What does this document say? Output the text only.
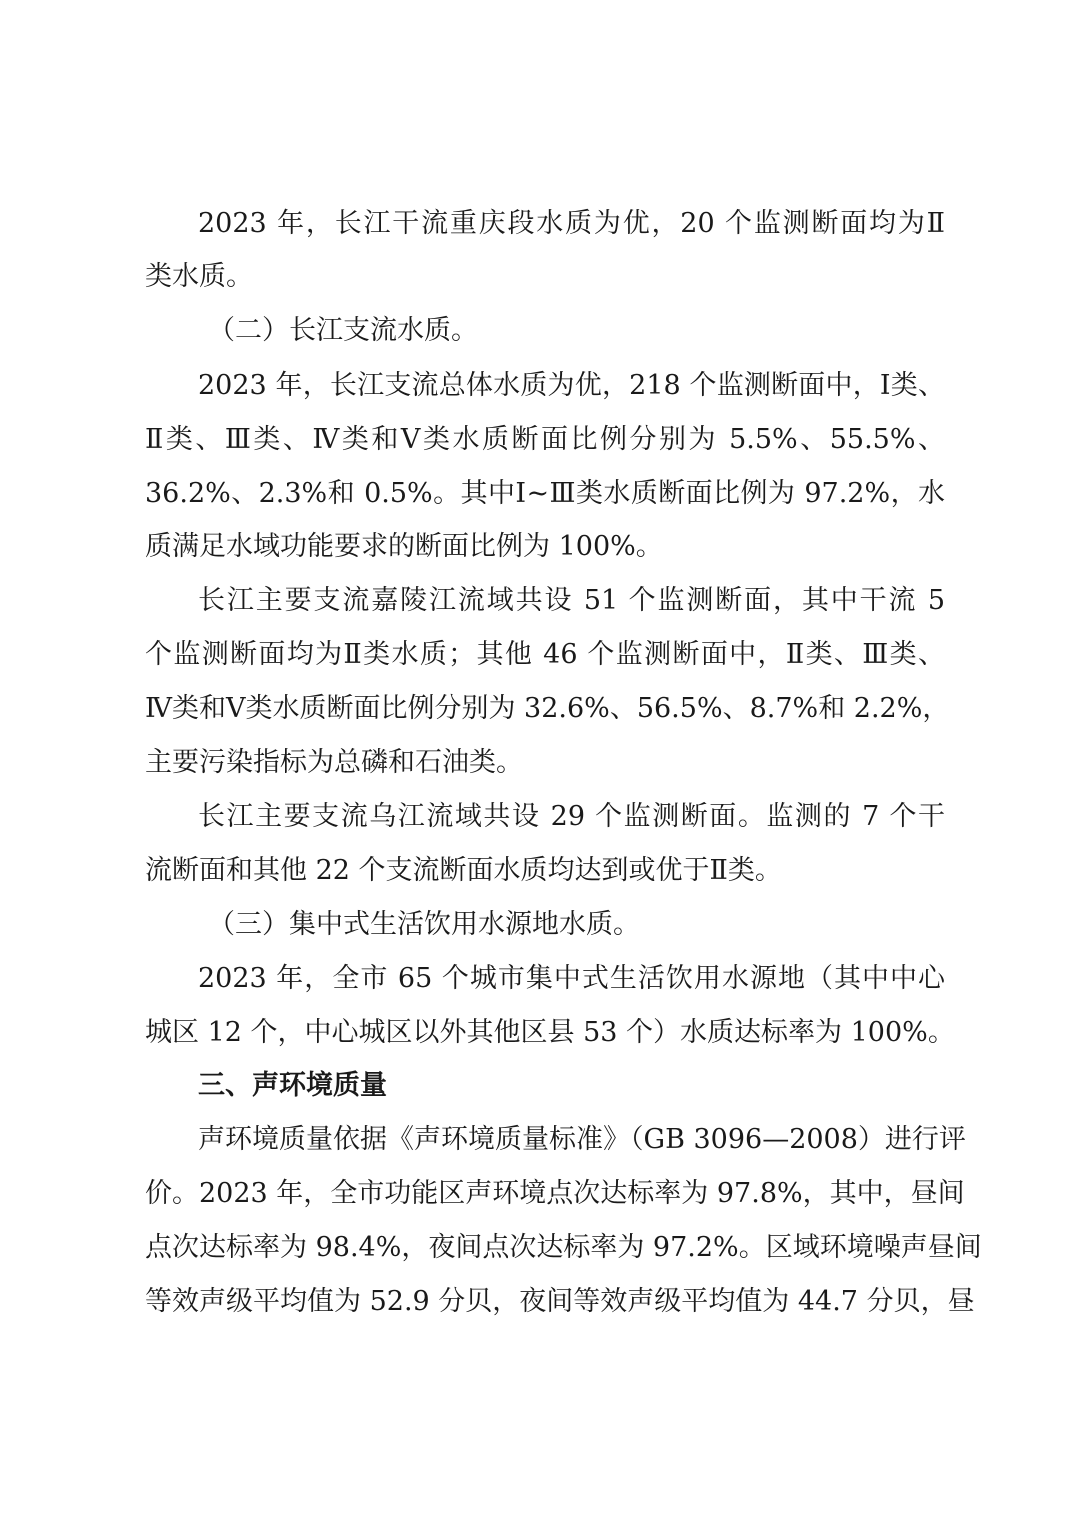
2023 年，长江干流重庆段水质为优，20 个监测断面均为Ⅱ
类水质。
（二）长江支流水质。
2023 年，长江支流总体水质为优，218 个监测断面中，Ⅰ类、
Ⅱ类、Ⅲ类、Ⅳ类和Ⅴ类水质断面比例分别为 5.5%、55.5%、
36.2%、2.3%和 0.5%。其中Ⅰ~Ⅲ类水质断面比例为 97.2%，水
质满足水域功能要求的断面比例为 100%。
长江主要支流嘉陵江流域共设 51 个监测断面，其中干流 5
个监测断面均为Ⅱ类水质；其他 46 个监测断面中，Ⅱ类、Ⅲ类、
Ⅳ类和Ⅴ类水质断面比例分别为 32.6%、56.5%、8.7%和 2.2%，
主要污染指标为总磷和石油类。
长江主要支流乌江流域共设 29 个监测断面。监测的 7 个干
流断面和其他 22 个支流断面水质均达到或优于Ⅱ类。
（三）集中式生活饮用水源地水质。
2023 年，全市 65 个城市集中式生活饮用水源地（其中中心
城区 12 个，中心城区以外其他区县 53 个）水质达标率为 100%。
三、声环境质量
声环境质量依据《声环境质量标准》（GB 3096—2008）进行评
价。2023 年，全市功能区声环境点次达标率为 97.8%，其中，昼间
点次达标率为 98.4%，夜间点次达标率为 97.2%。区域环境噪声昼间
等效声级平均值为 52.9 分贝，夜间等效声级平均值为 44.7 分贝，昼
